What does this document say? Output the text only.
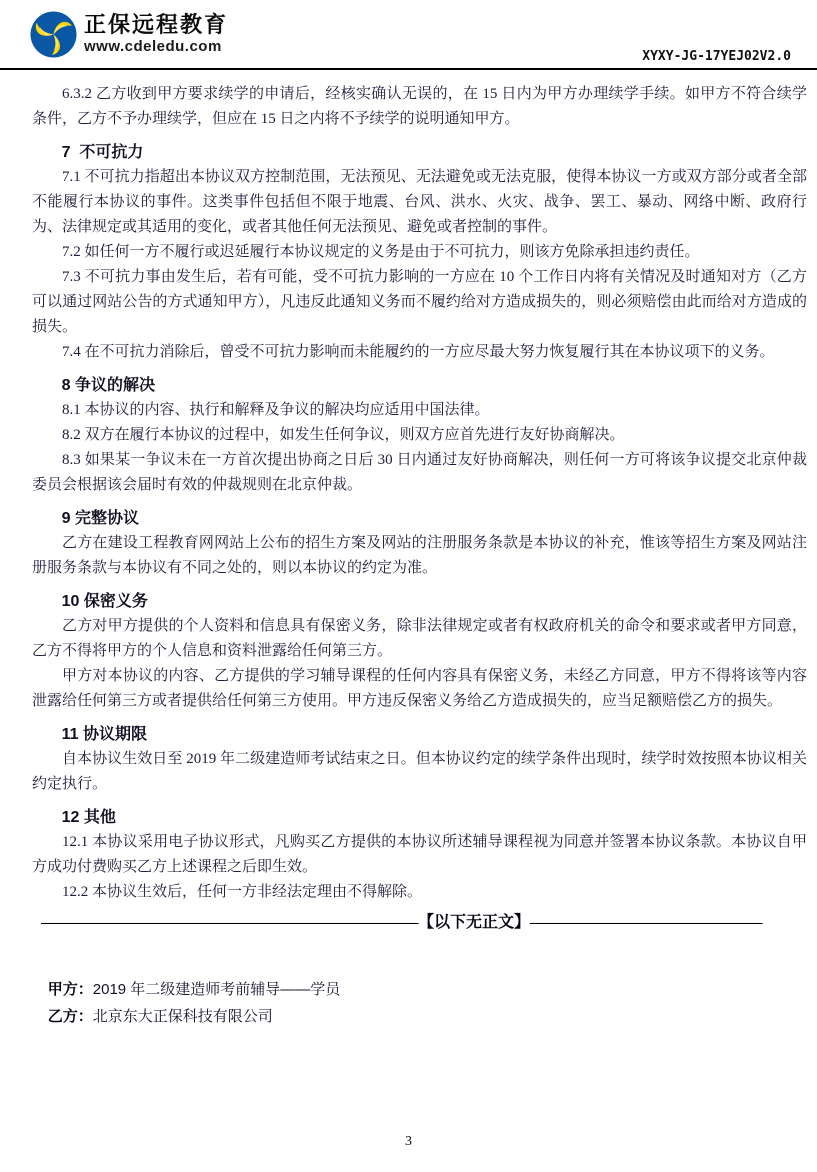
正保远程教育
www.cdeledu.com
XYXY-JG-17YEJ02V2.0

6.3.2 乙方收到甲方要求续学的申请后，经核实确认无误的，在 15 日内为甲方办理续学手续。如甲方不符合续学条件，乙方不予办理续学，但应在 15 日之内将不予续学的说明通知甲方。

7  不可抗力

7.1 不可抗力指超出本协议双方控制范围，无法预见、无法避免或无法克服，使得本协议一方或双方部分或者全部不能履行本协议的事件。这类事件包括但不限于地震、台风、洪水、火灾、战争、罢工、暴动、网络中断、政府行为、法律规定或其适用的变化，或者其他任何无法预见、避免或者控制的事件。

7.2 如任何一方不履行或迟延履行本协议规定的义务是由于不可抗力，则该方免除承担违约责任。

7.3 不可抗力事由发生后，若有可能，受不可抗力影响的一方应在 10 个工作日内将有关情况及时通知对方（乙方可以通过网站公告的方式通知甲方），凡违反此通知义务而不履约给对方造成损失的，则必须赔偿由此而给对方造成的损失。

7.4 在不可抗力消除后，曾受不可抗力影响而未能履约的一方应尽最大努力恢复履行其在本协议项下的义务。

8 争议的解决

8.1 本协议的内容、执行和解释及争议的解决均应适用中国法律。

8.2 双方在履行本协议的过程中，如发生任何争议，则双方应首先进行友好协商解决。

8.3 如果某一争议未在一方首次提出协商之日后 30 日内通过友好协商解决，则任何一方可将该争议提交北京仲裁委员会根据该会届时有效的仲裁规则在北京仲裁。

9 完整协议

乙方在建设工程教育网网站上公布的招生方案及网站的注册服务条款是本协议的补充，惟该等招生方案及网站注册服务条款与本协议有不同之处的，则以本协议的约定为准。

10 保密义务

乙方对甲方提供的个人资料和信息具有保密义务，除非法律规定或者有权政府机关的命令和要求或者甲方同意，乙方不得将甲方的个人信息和资料泄露给任何第三方。

甲方对本协议的内容、乙方提供的学习辅导课程的任何内容具有保密义务，未经乙方同意，甲方不得将该等内容泄露给任何第三方或者提供给任何第三方使用。甲方违反保密义务给乙方造成损失的，应当足额赔偿乙方的损失。

11 协议期限

自本协议生效日至 2019 年二级建造师考试结束之日。但本协议约定的续学条件出现时，续学时效按照本协议相关约定执行。

12 其他

12.1 本协议采用电子协议形式，凡购买乙方提供的本协议所述辅导课程视为同意并签署本协议条款。本协议自甲方成功付费购买乙方上述课程之后即生效。

12.2 本协议生效后，任何一方非经法定理由不得解除。

——————————————————————————【以下无正文】————————————————
甲方：2019 年二级建造师考前辅导——学员
乙方：北京东大正保科技有限公司
3
